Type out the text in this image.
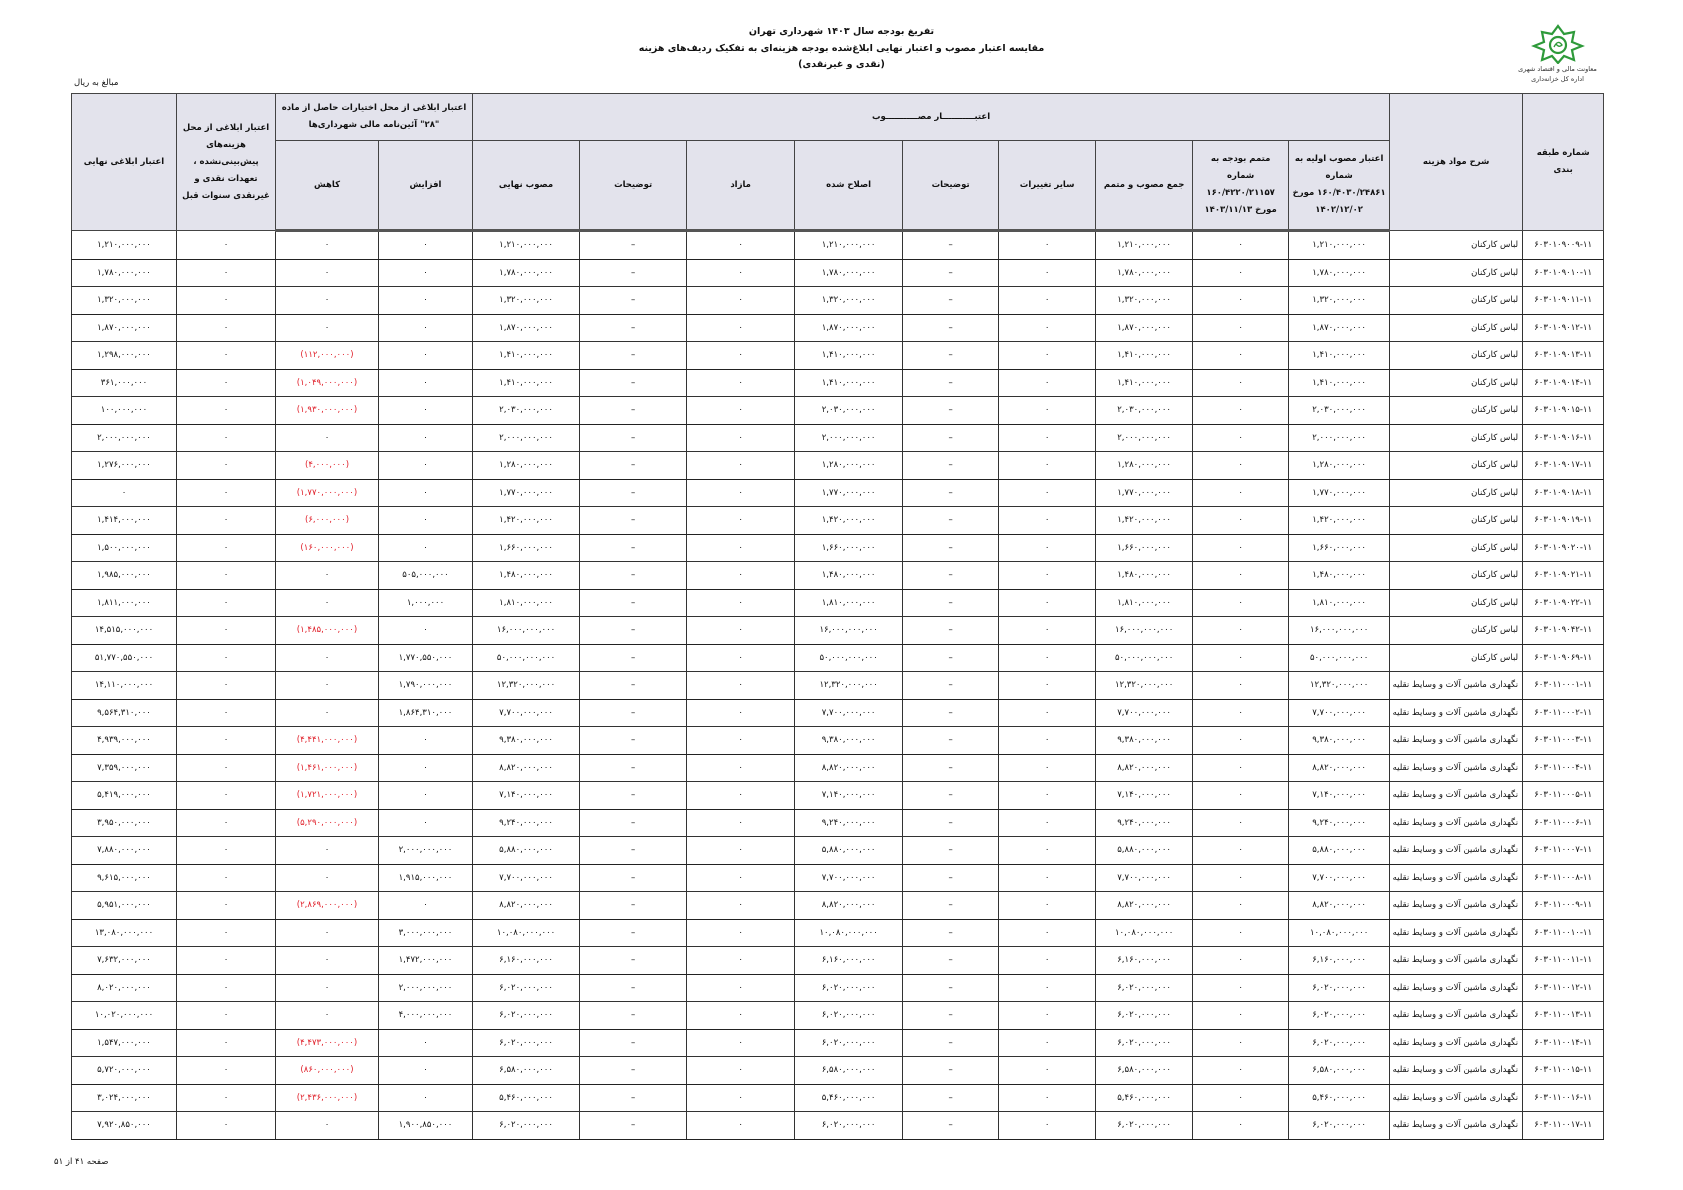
معاونت مالی و اقتصاد شهری
اداره کل خزانه‌داری
تفریغ بودجه سال ۱۴۰۳ شهرداری تهران
مقایسه اعتبار مصوب و اعتبار نهایی ابلاغ‌شده بودجه هزینه‌ای به تفکیک ردیف‌های هزینه
(نقدی و غیرنقدی)
مبالغ به ریال
شماره طبقه بندی	شرح مواد هزینه	اعتبـــــــــــار مصـــــــــــوب									اعتبار ابلاغی از محل اختیارات حاصل از ماده "۲۸" آئین‌نامه مالی شهرداری‌ها		اعتبار ابلاغی از محل هزینه‌های پیش‌بینی‌نشده ، تعهدات نقدی و غیرنقدی سنوات قبل	اعتبار ابلاغی نهایی
		اعتبار مصوب اولیه به شماره ۱۶۰/۴۰۳۰/۲۴۸۶۱ مورخ ۱۴۰۲/۱۲/۰۲	متمم بودجه به شماره ۱۶۰/۴۲۲۰/۲۱۱۵۷ مورخ ۱۴۰۳/۱۱/۱۳	جمع مصوب و متمم	سایر تغییرات	توضیحات	اصلاح شده	مازاد	توضیحات	مصوب نهایی	افزایش	کاهش		
۶۰۳۰۱۰۹۰۰۹-۱۱	لباس کارکنان	۱,۲۱۰,۰۰۰,۰۰۰	۰	۱,۲۱۰,۰۰۰,۰۰۰	۰	–	۱,۲۱۰,۰۰۰,۰۰۰	۰	–	۱,۲۱۰,۰۰۰,۰۰۰	۰	۰	۰	۱,۲۱۰,۰۰۰,۰۰۰
۶۰۳۰۱۰۹۰۱۰-۱۱	لباس کارکنان	۱,۷۸۰,۰۰۰,۰۰۰	۰	۱,۷۸۰,۰۰۰,۰۰۰	۰	–	۱,۷۸۰,۰۰۰,۰۰۰	۰	–	۱,۷۸۰,۰۰۰,۰۰۰	۰	۰	۰	۱,۷۸۰,۰۰۰,۰۰۰
۶۰۳۰۱۰۹۰۱۱-۱۱	لباس کارکنان	۱,۳۲۰,۰۰۰,۰۰۰	۰	۱,۳۲۰,۰۰۰,۰۰۰	۰	–	۱,۳۲۰,۰۰۰,۰۰۰	۰	–	۱,۳۲۰,۰۰۰,۰۰۰	۰	۰	۰	۱,۳۲۰,۰۰۰,۰۰۰
۶۰۳۰۱۰۹۰۱۲-۱۱	لباس کارکنان	۱,۸۷۰,۰۰۰,۰۰۰	۰	۱,۸۷۰,۰۰۰,۰۰۰	۰	–	۱,۸۷۰,۰۰۰,۰۰۰	۰	–	۱,۸۷۰,۰۰۰,۰۰۰	۰	۰	۰	۱,۸۷۰,۰۰۰,۰۰۰
۶۰۳۰۱۰۹۰۱۳-۱۱	لباس کارکنان	۱,۴۱۰,۰۰۰,۰۰۰	۰	۱,۴۱۰,۰۰۰,۰۰۰	۰	–	۱,۴۱۰,۰۰۰,۰۰۰	۰	–	۱,۴۱۰,۰۰۰,۰۰۰	۰	(۱۱۲,۰۰۰,۰۰۰)	۰	۱,۲۹۸,۰۰۰,۰۰۰
۶۰۳۰۱۰۹۰۱۴-۱۱	لباس کارکنان	۱,۴۱۰,۰۰۰,۰۰۰	۰	۱,۴۱۰,۰۰۰,۰۰۰	۰	–	۱,۴۱۰,۰۰۰,۰۰۰	۰	–	۱,۴۱۰,۰۰۰,۰۰۰	۰	(۱,۰۴۹,۰۰۰,۰۰۰)	۰	۳۶۱,۰۰۰,۰۰۰
۶۰۳۰۱۰۹۰۱۵-۱۱	لباس کارکنان	۲,۰۳۰,۰۰۰,۰۰۰	۰	۲,۰۳۰,۰۰۰,۰۰۰	۰	–	۲,۰۳۰,۰۰۰,۰۰۰	۰	–	۲,۰۳۰,۰۰۰,۰۰۰	۰	(۱,۹۳۰,۰۰۰,۰۰۰)	۰	۱۰۰,۰۰۰,۰۰۰
۶۰۳۰۱۰۹۰۱۶-۱۱	لباس کارکنان	۲,۰۰۰,۰۰۰,۰۰۰	۰	۲,۰۰۰,۰۰۰,۰۰۰	۰	–	۲,۰۰۰,۰۰۰,۰۰۰	۰	–	۲,۰۰۰,۰۰۰,۰۰۰	۰	۰	۰	۲,۰۰۰,۰۰۰,۰۰۰
۶۰۳۰۱۰۹۰۱۷-۱۱	لباس کارکنان	۱,۲۸۰,۰۰۰,۰۰۰	۰	۱,۲۸۰,۰۰۰,۰۰۰	۰	–	۱,۲۸۰,۰۰۰,۰۰۰	۰	–	۱,۲۸۰,۰۰۰,۰۰۰	۰	(۴,۰۰۰,۰۰۰)	۰	۱,۲۷۶,۰۰۰,۰۰۰
۶۰۳۰۱۰۹۰۱۸-۱۱	لباس کارکنان	۱,۷۷۰,۰۰۰,۰۰۰	۰	۱,۷۷۰,۰۰۰,۰۰۰	۰	–	۱,۷۷۰,۰۰۰,۰۰۰	۰	–	۱,۷۷۰,۰۰۰,۰۰۰	۰	(۱,۷۷۰,۰۰۰,۰۰۰)	۰	۰
۶۰۳۰۱۰۹۰۱۹-۱۱	لباس کارکنان	۱,۴۲۰,۰۰۰,۰۰۰	۰	۱,۴۲۰,۰۰۰,۰۰۰	۰	–	۱,۴۲۰,۰۰۰,۰۰۰	۰	–	۱,۴۲۰,۰۰۰,۰۰۰	۰	(۶,۰۰۰,۰۰۰)	۰	۱,۴۱۴,۰۰۰,۰۰۰
۶۰۳۰۱۰۹۰۲۰-۱۱	لباس کارکنان	۱,۶۶۰,۰۰۰,۰۰۰	۰	۱,۶۶۰,۰۰۰,۰۰۰	۰	–	۱,۶۶۰,۰۰۰,۰۰۰	۰	–	۱,۶۶۰,۰۰۰,۰۰۰	۰	(۱۶۰,۰۰۰,۰۰۰)	۰	۱,۵۰۰,۰۰۰,۰۰۰
۶۰۳۰۱۰۹۰۲۱-۱۱	لباس کارکنان	۱,۴۸۰,۰۰۰,۰۰۰	۰	۱,۴۸۰,۰۰۰,۰۰۰	۰	–	۱,۴۸۰,۰۰۰,۰۰۰	۰	–	۱,۴۸۰,۰۰۰,۰۰۰	۵۰۵,۰۰۰,۰۰۰	۰	۰	۱,۹۸۵,۰۰۰,۰۰۰
۶۰۳۰۱۰۹۰۲۲-۱۱	لباس کارکنان	۱,۸۱۰,۰۰۰,۰۰۰	۰	۱,۸۱۰,۰۰۰,۰۰۰	۰	–	۱,۸۱۰,۰۰۰,۰۰۰	۰	–	۱,۸۱۰,۰۰۰,۰۰۰	۱,۰۰۰,۰۰۰	۰	۰	۱,۸۱۱,۰۰۰,۰۰۰
۶۰۳۰۱۰۹۰۴۲-۱۱	لباس کارکنان	۱۶,۰۰۰,۰۰۰,۰۰۰	۰	۱۶,۰۰۰,۰۰۰,۰۰۰	۰	–	۱۶,۰۰۰,۰۰۰,۰۰۰	۰	–	۱۶,۰۰۰,۰۰۰,۰۰۰	۰	(۱,۴۸۵,۰۰۰,۰۰۰)	۰	۱۴,۵۱۵,۰۰۰,۰۰۰
۶۰۳۰۱۰۹۰۶۹-۱۱	لباس کارکنان	۵۰,۰۰۰,۰۰۰,۰۰۰	۰	۵۰,۰۰۰,۰۰۰,۰۰۰	۰	–	۵۰,۰۰۰,۰۰۰,۰۰۰	۰	–	۵۰,۰۰۰,۰۰۰,۰۰۰	۱,۷۷۰,۵۵۰,۰۰۰	۰	۰	۵۱,۷۷۰,۵۵۰,۰۰۰
۶۰۳۰۱۱۰۰۰۱-۱۱	نگهداری ماشین آلات و وسایط نقلیه	۱۲,۳۲۰,۰۰۰,۰۰۰	۰	۱۲,۳۲۰,۰۰۰,۰۰۰	۰	–	۱۲,۳۲۰,۰۰۰,۰۰۰	۰	–	۱۲,۳۲۰,۰۰۰,۰۰۰	۱,۷۹۰,۰۰۰,۰۰۰	۰	۰	۱۴,۱۱۰,۰۰۰,۰۰۰
۶۰۳۰۱۱۰۰۰۲-۱۱	نگهداری ماشین آلات و وسایط نقلیه	۷,۷۰۰,۰۰۰,۰۰۰	۰	۷,۷۰۰,۰۰۰,۰۰۰	۰	–	۷,۷۰۰,۰۰۰,۰۰۰	۰	–	۷,۷۰۰,۰۰۰,۰۰۰	۱,۸۶۴,۳۱۰,۰۰۰	۰	۰	۹,۵۶۴,۳۱۰,۰۰۰
۶۰۳۰۱۱۰۰۰۳-۱۱	نگهداری ماشین آلات و وسایط نقلیه	۹,۳۸۰,۰۰۰,۰۰۰	۰	۹,۳۸۰,۰۰۰,۰۰۰	۰	–	۹,۳۸۰,۰۰۰,۰۰۰	۰	–	۹,۳۸۰,۰۰۰,۰۰۰	۰	(۴,۴۴۱,۰۰۰,۰۰۰)	۰	۴,۹۳۹,۰۰۰,۰۰۰
۶۰۳۰۱۱۰۰۰۴-۱۱	نگهداری ماشین آلات و وسایط نقلیه	۸,۸۲۰,۰۰۰,۰۰۰	۰	۸,۸۲۰,۰۰۰,۰۰۰	۰	–	۸,۸۲۰,۰۰۰,۰۰۰	۰	–	۸,۸۲۰,۰۰۰,۰۰۰	۰	(۱,۴۶۱,۰۰۰,۰۰۰)	۰	۷,۳۵۹,۰۰۰,۰۰۰
۶۰۳۰۱۱۰۰۰۵-۱۱	نگهداری ماشین آلات و وسایط نقلیه	۷,۱۴۰,۰۰۰,۰۰۰	۰	۷,۱۴۰,۰۰۰,۰۰۰	۰	–	۷,۱۴۰,۰۰۰,۰۰۰	۰	–	۷,۱۴۰,۰۰۰,۰۰۰	۰	(۱,۷۲۱,۰۰۰,۰۰۰)	۰	۵,۴۱۹,۰۰۰,۰۰۰
۶۰۳۰۱۱۰۰۰۶-۱۱	نگهداری ماشین آلات و وسایط نقلیه	۹,۲۴۰,۰۰۰,۰۰۰	۰	۹,۲۴۰,۰۰۰,۰۰۰	۰	–	۹,۲۴۰,۰۰۰,۰۰۰	۰	–	۹,۲۴۰,۰۰۰,۰۰۰	۰	(۵,۲۹۰,۰۰۰,۰۰۰)	۰	۳,۹۵۰,۰۰۰,۰۰۰
۶۰۳۰۱۱۰۰۰۷-۱۱	نگهداری ماشین آلات و وسایط نقلیه	۵,۸۸۰,۰۰۰,۰۰۰	۰	۵,۸۸۰,۰۰۰,۰۰۰	۰	–	۵,۸۸۰,۰۰۰,۰۰۰	۰	–	۵,۸۸۰,۰۰۰,۰۰۰	۲,۰۰۰,۰۰۰,۰۰۰	۰	۰	۷,۸۸۰,۰۰۰,۰۰۰
۶۰۳۰۱۱۰۰۰۸-۱۱	نگهداری ماشین آلات و وسایط نقلیه	۷,۷۰۰,۰۰۰,۰۰۰	۰	۷,۷۰۰,۰۰۰,۰۰۰	۰	–	۷,۷۰۰,۰۰۰,۰۰۰	۰	–	۷,۷۰۰,۰۰۰,۰۰۰	۱,۹۱۵,۰۰۰,۰۰۰	۰	۰	۹,۶۱۵,۰۰۰,۰۰۰
۶۰۳۰۱۱۰۰۰۹-۱۱	نگهداری ماشین آلات و وسایط نقلیه	۸,۸۲۰,۰۰۰,۰۰۰	۰	۸,۸۲۰,۰۰۰,۰۰۰	۰	–	۸,۸۲۰,۰۰۰,۰۰۰	۰	–	۸,۸۲۰,۰۰۰,۰۰۰	۰	(۲,۸۶۹,۰۰۰,۰۰۰)	۰	۵,۹۵۱,۰۰۰,۰۰۰
۶۰۳۰۱۱۰۰۱۰-۱۱	نگهداری ماشین آلات و وسایط نقلیه	۱۰,۰۸۰,۰۰۰,۰۰۰	۰	۱۰,۰۸۰,۰۰۰,۰۰۰	۰	–	۱۰,۰۸۰,۰۰۰,۰۰۰	۰	–	۱۰,۰۸۰,۰۰۰,۰۰۰	۳,۰۰۰,۰۰۰,۰۰۰	۰	۰	۱۳,۰۸۰,۰۰۰,۰۰۰
۶۰۳۰۱۱۰۰۱۱-۱۱	نگهداری ماشین آلات و وسایط نقلیه	۶,۱۶۰,۰۰۰,۰۰۰	۰	۶,۱۶۰,۰۰۰,۰۰۰	۰	–	۶,۱۶۰,۰۰۰,۰۰۰	۰	–	۶,۱۶۰,۰۰۰,۰۰۰	۱,۴۷۲,۰۰۰,۰۰۰	۰	۰	۷,۶۳۲,۰۰۰,۰۰۰
۶۰۳۰۱۱۰۰۱۲-۱۱	نگهداری ماشین آلات و وسایط نقلیه	۶,۰۲۰,۰۰۰,۰۰۰	۰	۶,۰۲۰,۰۰۰,۰۰۰	۰	–	۶,۰۲۰,۰۰۰,۰۰۰	۰	–	۶,۰۲۰,۰۰۰,۰۰۰	۲,۰۰۰,۰۰۰,۰۰۰	۰	۰	۸,۰۲۰,۰۰۰,۰۰۰
۶۰۳۰۱۱۰۰۱۳-۱۱	نگهداری ماشین آلات و وسایط نقلیه	۶,۰۲۰,۰۰۰,۰۰۰	۰	۶,۰۲۰,۰۰۰,۰۰۰	۰	–	۶,۰۲۰,۰۰۰,۰۰۰	۰	–	۶,۰۲۰,۰۰۰,۰۰۰	۴,۰۰۰,۰۰۰,۰۰۰	۰	۰	۱۰,۰۲۰,۰۰۰,۰۰۰
۶۰۳۰۱۱۰۰۱۴-۱۱	نگهداری ماشین آلات و وسایط نقلیه	۶,۰۲۰,۰۰۰,۰۰۰	۰	۶,۰۲۰,۰۰۰,۰۰۰	۰	–	۶,۰۲۰,۰۰۰,۰۰۰	۰	–	۶,۰۲۰,۰۰۰,۰۰۰	۰	(۴,۴۷۳,۰۰۰,۰۰۰)	۰	۱,۵۴۷,۰۰۰,۰۰۰
۶۰۳۰۱۱۰۰۱۵-۱۱	نگهداری ماشین آلات و وسایط نقلیه	۶,۵۸۰,۰۰۰,۰۰۰	۰	۶,۵۸۰,۰۰۰,۰۰۰	۰	–	۶,۵۸۰,۰۰۰,۰۰۰	۰	–	۶,۵۸۰,۰۰۰,۰۰۰	۰	(۸۶۰,۰۰۰,۰۰۰)	۰	۵,۷۲۰,۰۰۰,۰۰۰
۶۰۳۰۱۱۰۰۱۶-۱۱	نگهداری ماشین آلات و وسایط نقلیه	۵,۴۶۰,۰۰۰,۰۰۰	۰	۵,۴۶۰,۰۰۰,۰۰۰	۰	–	۵,۴۶۰,۰۰۰,۰۰۰	۰	–	۵,۴۶۰,۰۰۰,۰۰۰	۰	(۲,۴۳۶,۰۰۰,۰۰۰)	۰	۳,۰۲۴,۰۰۰,۰۰۰
۶۰۳۰۱۱۰۰۱۷-۱۱	نگهداری ماشین آلات و وسایط نقلیه	۶,۰۲۰,۰۰۰,۰۰۰	۰	۶,۰۲۰,۰۰۰,۰۰۰	۰	–	۶,۰۲۰,۰۰۰,۰۰۰	۰	–	۶,۰۲۰,۰۰۰,۰۰۰	۱,۹۰۰,۸۵۰,۰۰۰	۰	۰	۷,۹۲۰,۸۵۰,۰۰۰
صفحه ۴۱ از ۵۱
